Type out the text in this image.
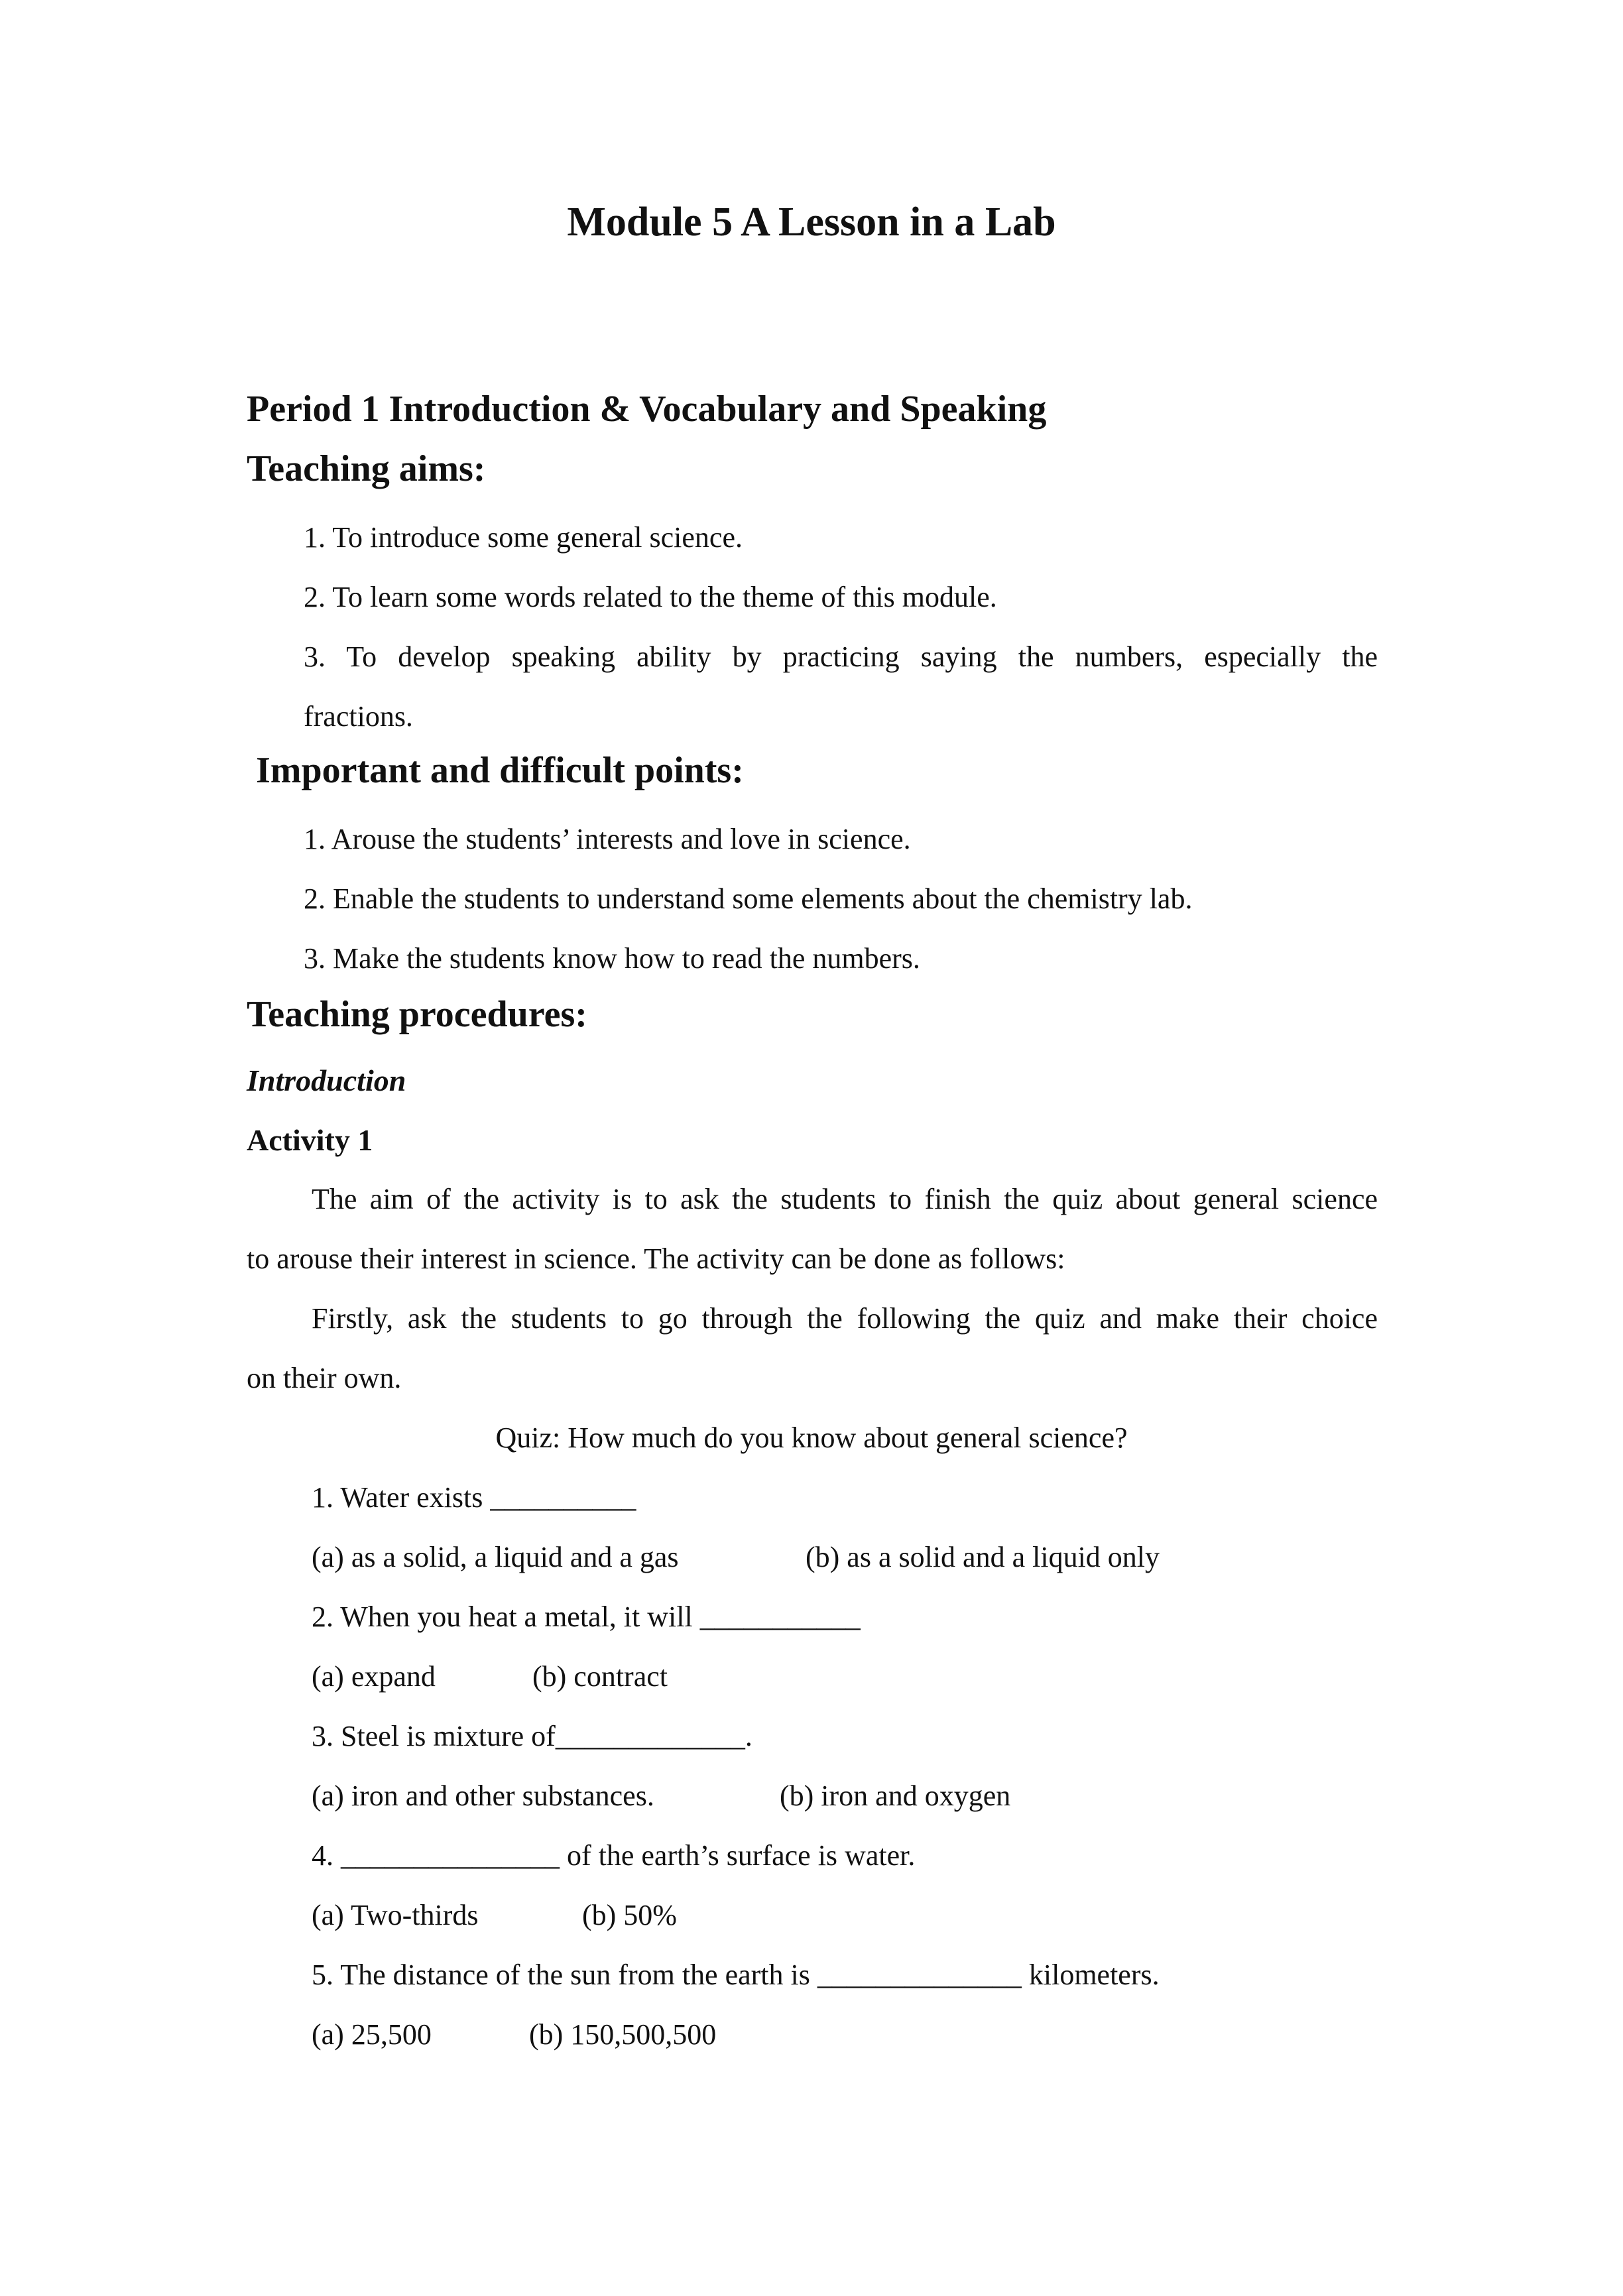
Module 5 A Lesson in a Lab
Period 1 Introduction & Vocabulary and Speaking
Teaching aims:
1. To introduce some general science.
2. To learn some words related to the theme of this module.
3. To develop speaking ability by practicing saying the numbers, especially the
fractions.
Important and difficult points:
1. Arouse the students’ interests and love in science.
2. Enable the students to understand some elements about the chemistry lab.
3. Make the students know how to read the numbers.
Teaching procedures:
Introduction
Activity 1
The aim of the activity is to ask the students to finish the quiz about general science
to arouse their interest in science. The activity can be done as follows:
Firstly, ask the students to go through the following the quiz and make their choice
on their own.
Quiz: How much do you know about general science?
1. Water exists __________
(a) as a solid, a liquid and a gas	(b) as a solid and a liquid only
2. When you heat a metal, it will ___________
(a) expand	(b) contract
3. Steel is mixture of_____________.
(a) iron and other substances.	(b) iron and oxygen
4. _______________ of the earth’s surface is water.
(a) Two-thirds	(b) 50%
5. The distance of the sun from the earth is ______________ kilometers.
(a) 25,500	(b) 150,500,500
